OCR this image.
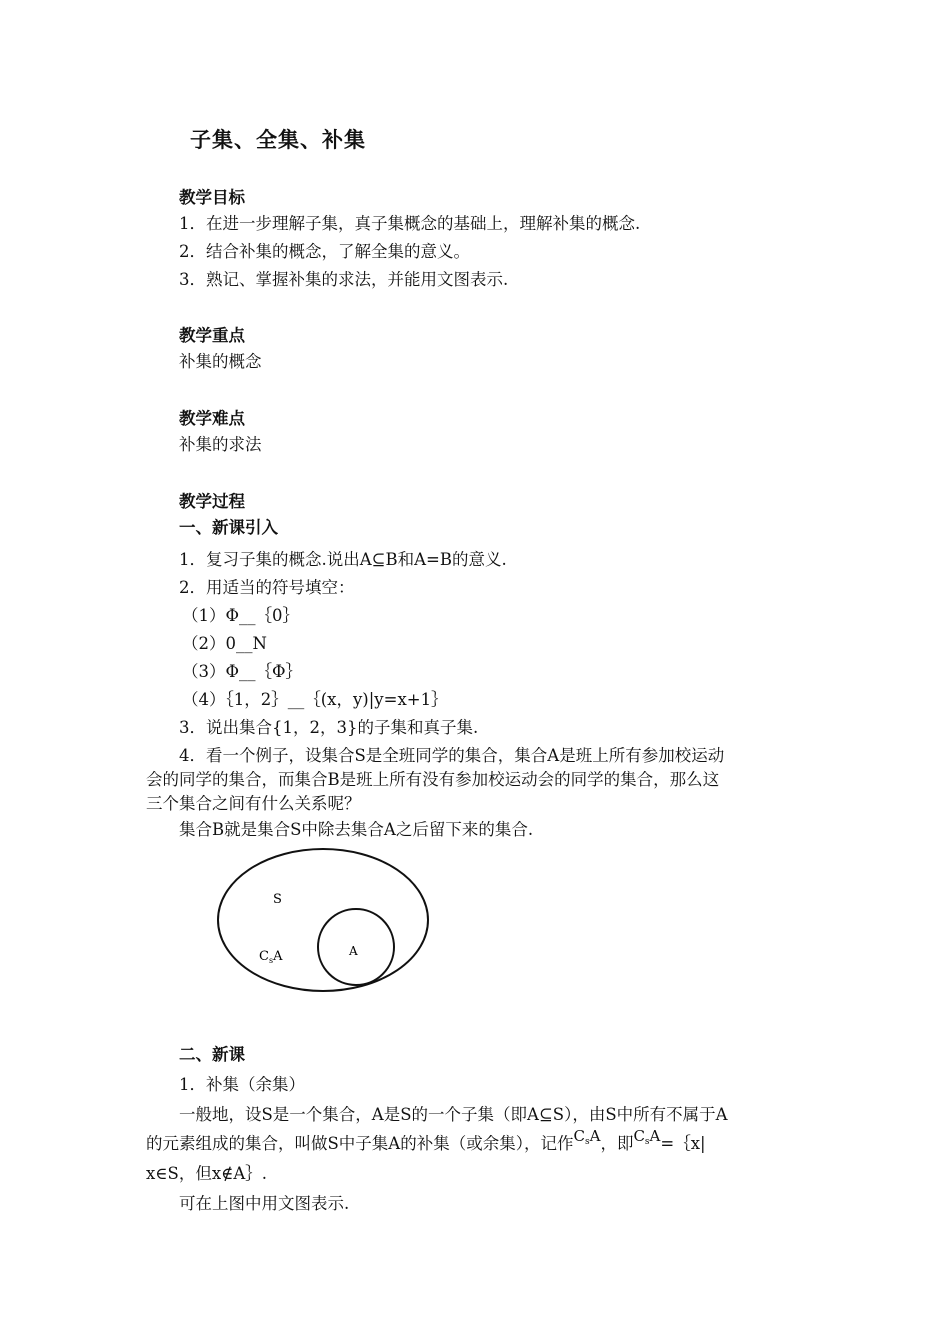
子集、全集、补集
教学目标
1．在进一步理解子集，真子集概念的基础上，理解补集的概念.
2．结合补集的概念，了解全集的意义。
3．熟记、掌握补集的求法，并能用文图表示.
教学重点
补集的概念
教学难点
补集的求法
教学过程
一、新课引入
1．复习子集的概念.说出A⊆B和A=B的意义.
2．用适当的符号填空：
（1）Φ__｛0｝
（2）0__N
（3）Φ__｛Φ｝
（4）｛1，2｝__｛(x，y)|y=x+1｝
3．说出集合{1，2，3}的子集和真子集.
4．看一个例子，设集合S是全班同学的集合，集合A是班上所有参加校运动
会的同学的集合，而集合B是班上所有没有参加校运动会的同学的集合，那么这
三个集合之间有什么关系呢？
集合B就是集合S中除去集合A之后留下来的集合.
S
A
$C_sA$
二、新课
1．补集（余集）
一般地，设S是一个集合，A是S的一个子集（即A⊆S），由S中所有不属于A
的元素组成的集合，叫做S中子集A的补集（或余集），记作$C_sA$，即$C_sA=\{x|$
x∈S，但x∉A｝.
可在上图中用文图表示.
